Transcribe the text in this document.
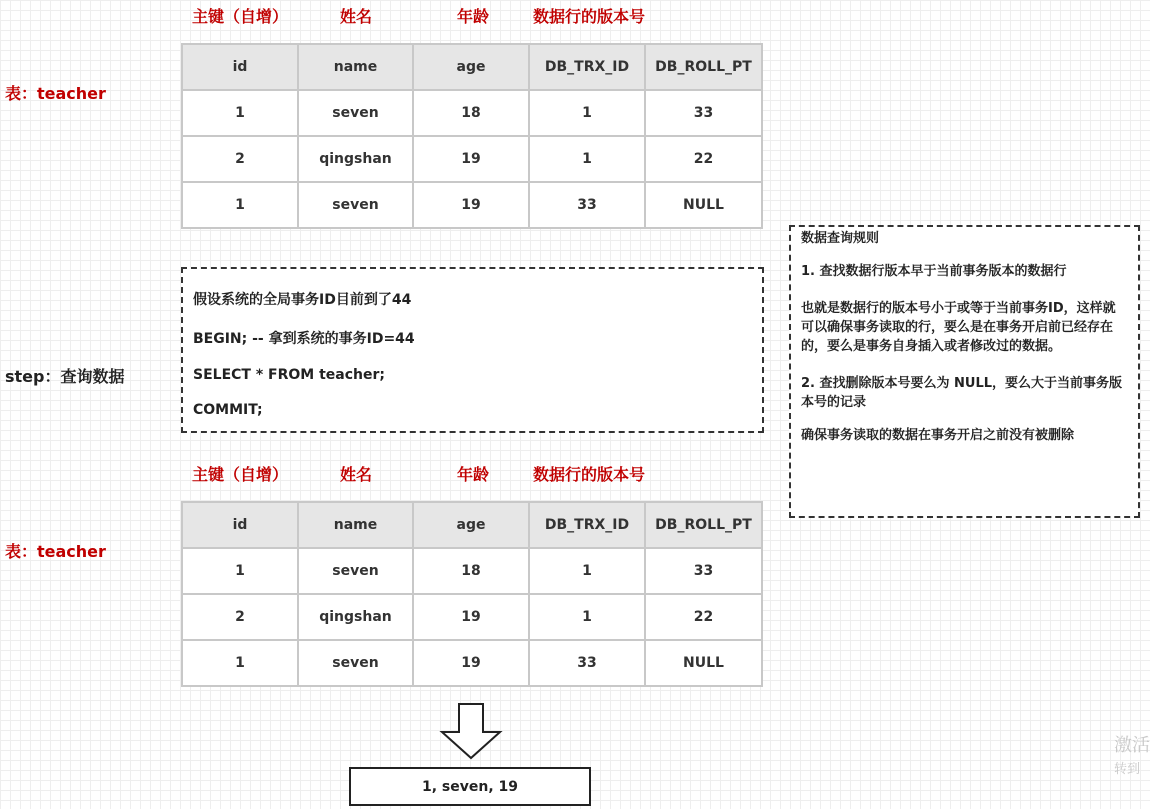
主键（自增）	姓名	年龄	数据行的版本号
表：teacher
id	name	age	DB_TRX_ID	DB_ROLL_PT
1	seven	18	1	33
2	qingshan	19	1	22
1	seven	19	33	NULL
数据查询规则
1. 查找数据行版本早于当前事务版本的数据行
也就是数据行的版本号小于或等于当前事务ID，这样就可以确保事务读取的行，要么是在事务开启前已经存在的，要么是事务自身插入或者修改过的数据。
2. 查找删除版本号要么为 NULL，要么大于当前事务版本号的记录
确保事务读取的数据在事务开启之前没有被删除
step：查询数据
假设系统的全局事务ID目前到了44
BEGIN; -- 拿到系统的事务ID=44
SELECT * FROM teacher;
COMMIT;
主键（自增）	姓名	年龄	数据行的版本号
表：teacher
id	name	age	DB_TRX_ID	DB_ROLL_PT
1	seven	18	1	33
2	qingshan	19	1	22
1	seven	19	33	NULL
1, seven, 19
激活
转到
